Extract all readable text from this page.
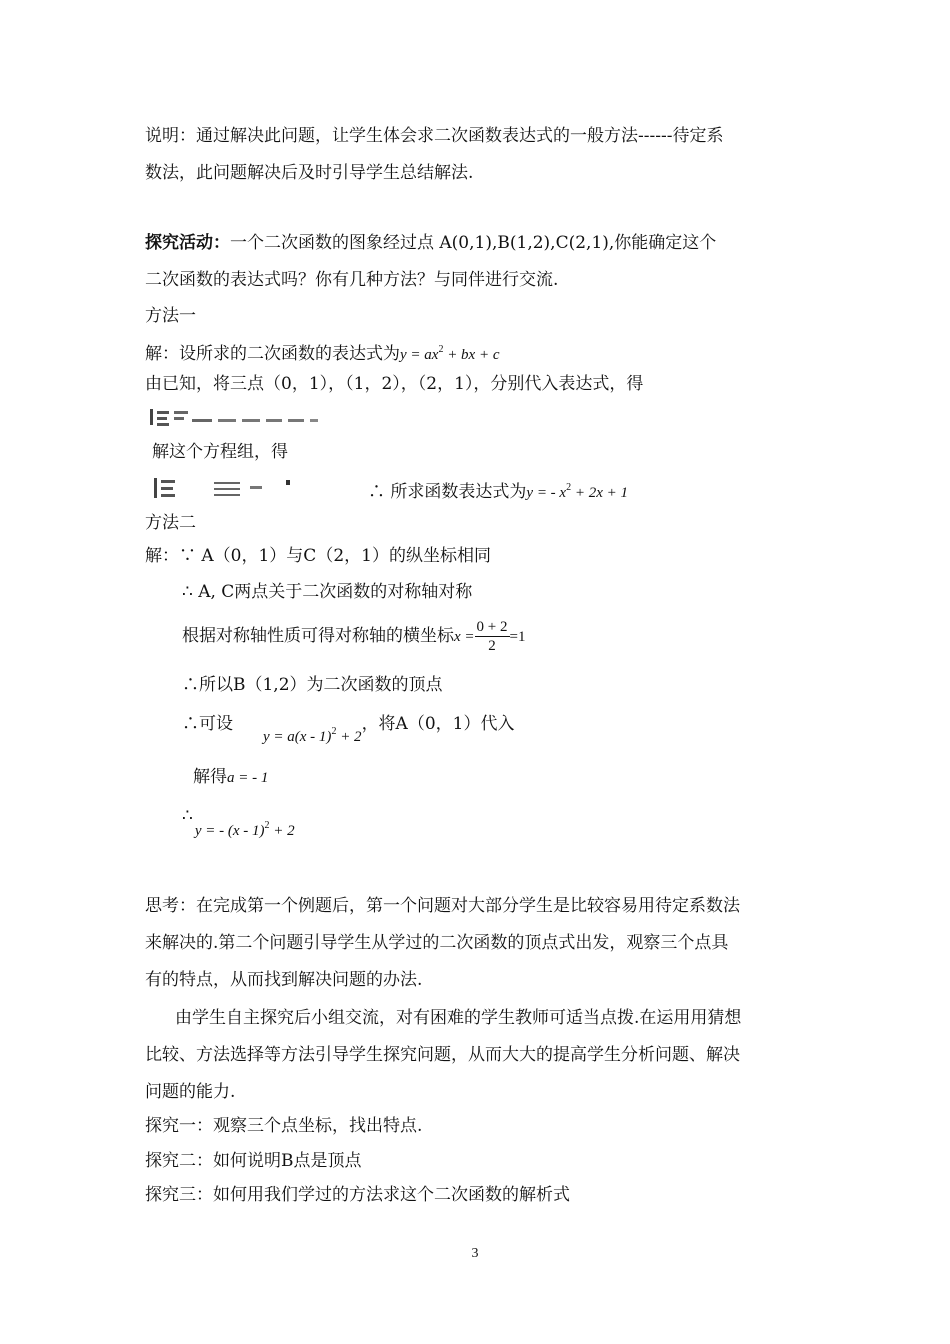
说明：通过解决此问题，让学生体会求二次函数表达式的一般方法------待定系
数法，此问题解决后及时引导学生总结解法.
探究活动：一个二次函数的图象经过点 A(0,1),B(1,2),C(2,1),你能确定这个
二次函数的表达式吗？你有几种方法？与同伴进行交流.
方法一
解：设所求的二次函数的表达式为$y = ax^2$ + bx + c
由已知，将三点（0，1），（1，2），（2，1），分别代入表达式，得
解这个方程组，得
∴ 所求函数表达式为y = - $x^2 + 2x + 1$
方法二
解：∵ A（0，1）与C（2，1）的纵坐标相同
∴ A, C两点关于二次函数的对称轴对称
根据对称轴性质可得对称轴的横坐标$x = \frac{0 + 2}{2} =1$
∴所以B（1,2）为二次函数的顶点
∴可设y = a(x - 1)$^2$ + 2，将A（0，1）代入
解得a = - 1
∴y = - (x - 1)$^2$ + 2
思考：在完成第一个例题后，第一个问题对大部分学生是比较容易用待定系数法
来解决的.第二个问题引导学生从学过的二次函数的顶点式出发，观察三个点具
有的特点，从而找到解决问题的办法.
由学生自主探究后小组交流，对有困难的学生教师可适当点拨.在运用用猜想
比较、方法选择等方法引导学生探究问题，从而大大的提高学生分析问题、解决
问题的能力.
探究一：观察三个点坐标，找出特点.
探究二：如何说明B点是顶点
探究三：如何用我们学过的方法求这个二次函数的解析式
3
